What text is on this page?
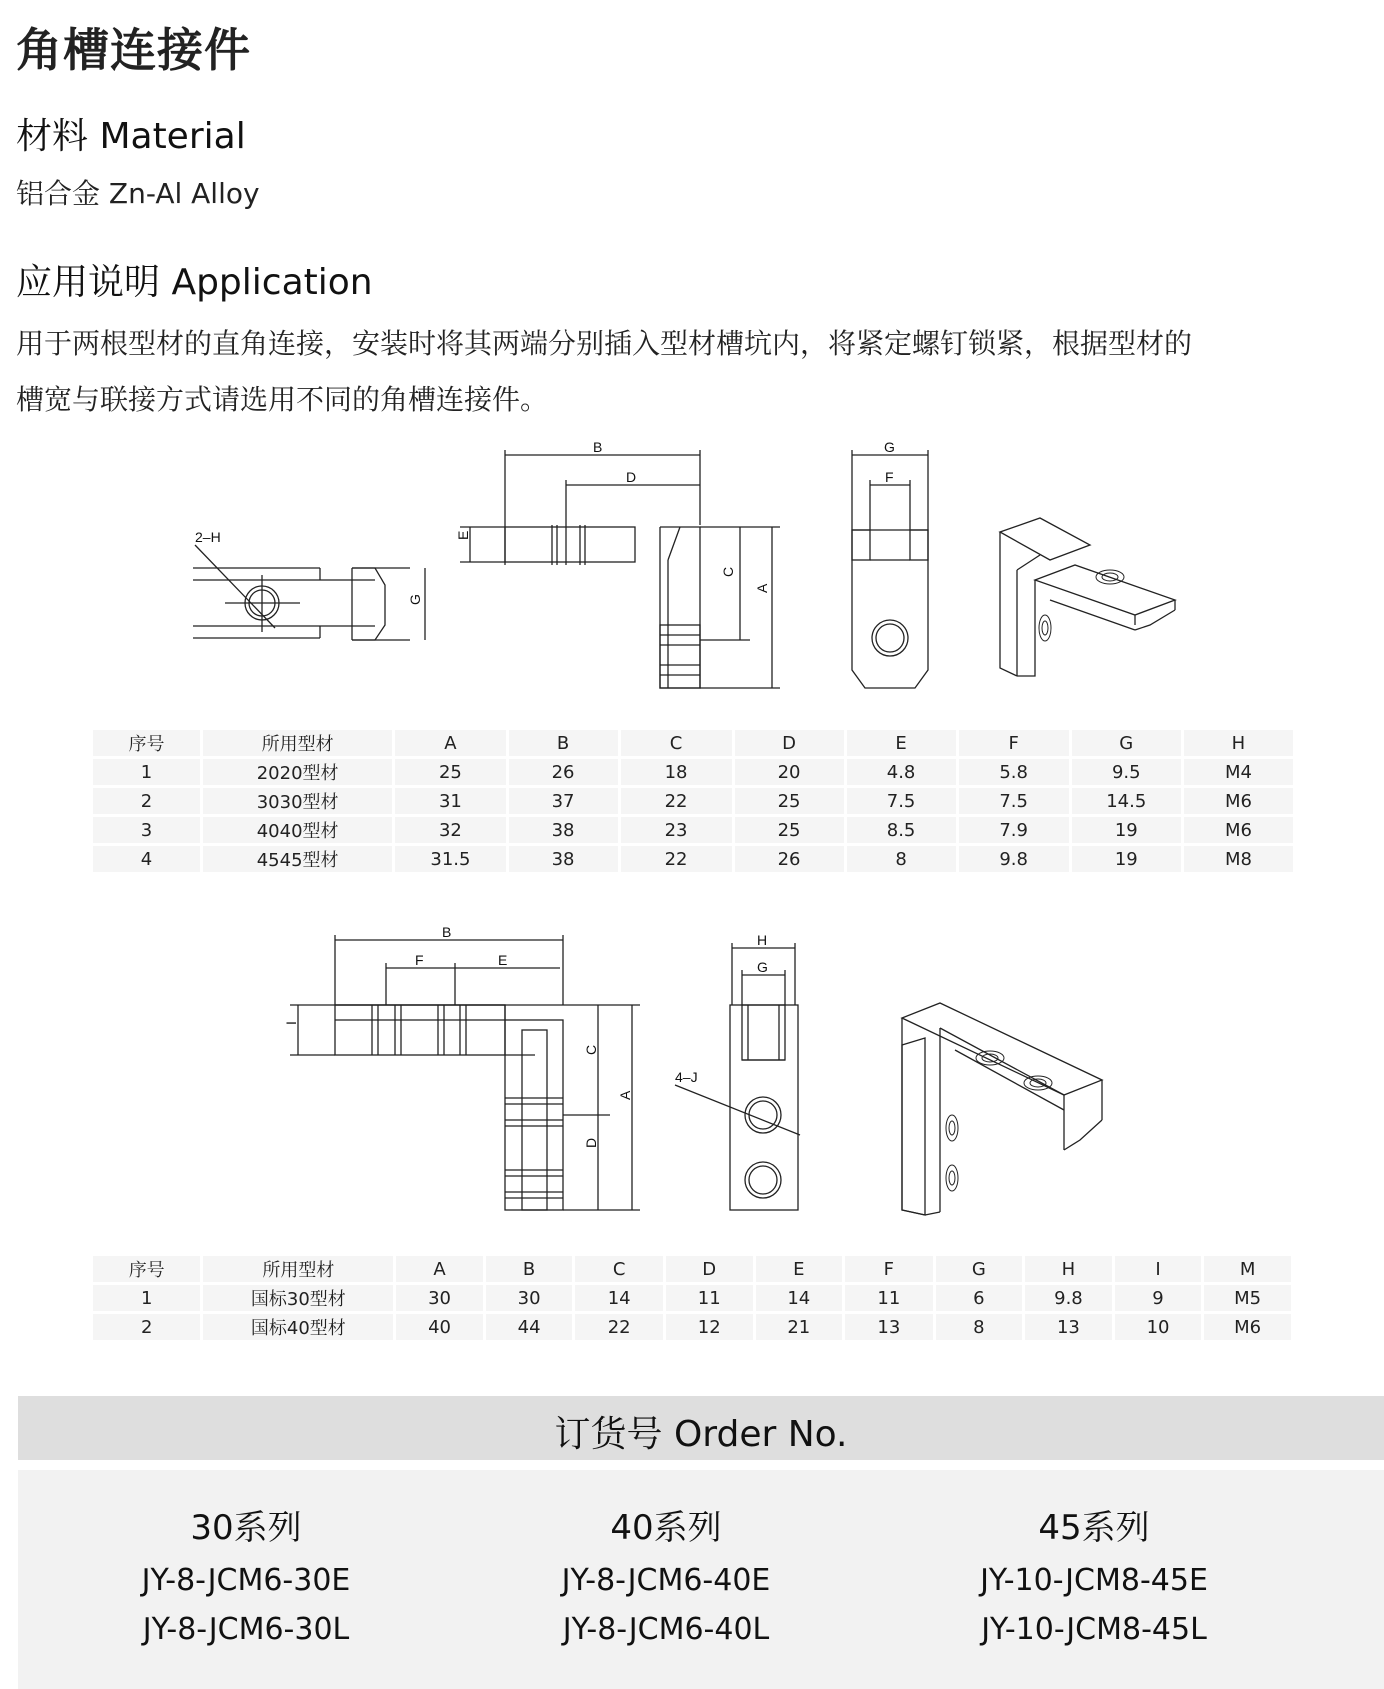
角槽连接件
材料 Material
铝合金 Zn-Al Alloy
应用说明 Application
用于两根型材的直角连接，安装时将其两端分别插入型材槽坑内，将紧定螺钉锁紧，根据型材的
槽宽与联接方式请选用不同的角槽连接件。
2–H
G
B
D
E
C
A
G
F
B
F	E
I
C
D
A
H
G
4–J
序号	所用型材	A	B	C	D	E	F	G	H
1	2020型材	25	26	18	20	4.8	5.8	9.5	M4
2	3030型材	31	37	22	25	7.5	7.5	14.5	M6
3	4040型材	32	38	23	25	8.5	7.9	19	M6
4	4545型材	31.5	38	22	26	8	9.8	19	M8
序号	所用型材	A	B	C	D	E	F	G	H	I	M
1	国标30型材	30	30	14	11	14	11	6	9.8	9	M5
2	国标40型材	40	44	22	12	21	13	8	13	10	M6
订货号 Order No.
30系列
JY-8-JCM6-30E
JY-8-JCM6-30L
40系列
JY-8-JCM6-40E
JY-8-JCM6-40L
45系列
JY-10-JCM8-45E
JY-10-JCM8-45L
